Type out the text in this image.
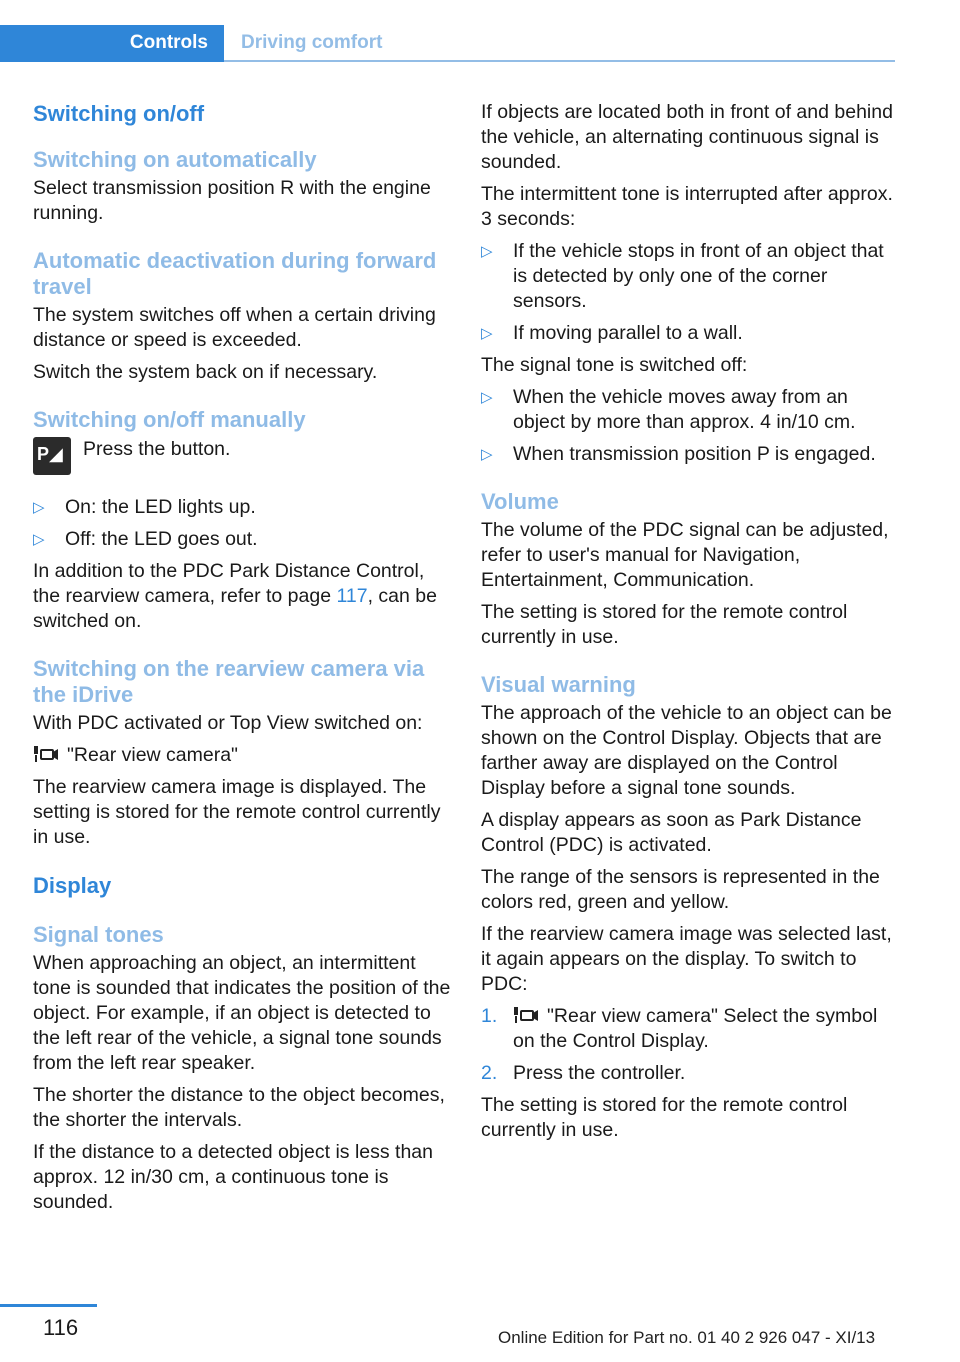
Controls Driving comfort
Switching on/off
Switching on automatically

Select transmission position R with the engine running.

Automatic deactivation during forward travel

The system switches off when a certain driving distance or speed is exceeded.

Switch the system back on if necessary.

Switching on/off manually
P◢ Press the button.
▷ On: the LED lights up.
▷ Off: the LED goes out.

In addition to the PDC Park Distance Control, the rearview camera, refer to page 117, can be switched on.

Switching on the rearview camera via the iDrive

With PDC activated or Top View switched on:

"Rear view camera"

The rearview camera image is displayed. The setting is stored for the remote control currently in use.

Display
Signal tones

When approaching an object, an intermittent tone is sounded that indicates the position of the object. For example, if an object is detected to the left rear of the vehicle, a signal tone sounds from the left rear speaker.

The shorter the distance to the object becomes, the shorter the intervals.

If the distance to a detected object is less than approx. 12 in/30 cm, a continuous tone is sounded.

If objects are located both in front of and behind the vehicle, an alternating continuous signal is sounded.

The intermittent tone is interrupted after approx. 3 seconds:

▷ If the vehicle stops in front of an object that is detected by only one of the corner sensors.
▷ If moving parallel to a wall.

The signal tone is switched off:

▷ When the vehicle moves away from an object by more than approx. 4 in/10 cm.
▷ When transmission position P is engaged.
Volume

The volume of the PDC signal can be adjusted, refer to user's manual for Navigation, Entertainment, Communication.

The setting is stored for the remote control currently in use.

Visual warning

The approach of the vehicle to an object can be shown on the Control Display. Objects that are farther away are displayed on the Control Display before a signal tone sounds.

A display appears as soon as Park Distance Control (PDC) is activated.

The range of the sensors is represented in the colors red, green and yellow.

If the rearview camera image was selected last, it again appears on the display. To switch to PDC:

1.	"Rear view camera" Select the symbol on the Control Display.
2. Press the controller.

The setting is stored for the remote control currently in use.

116	Online Edition for Part no. 01 40 2 926 047 - XI/13
